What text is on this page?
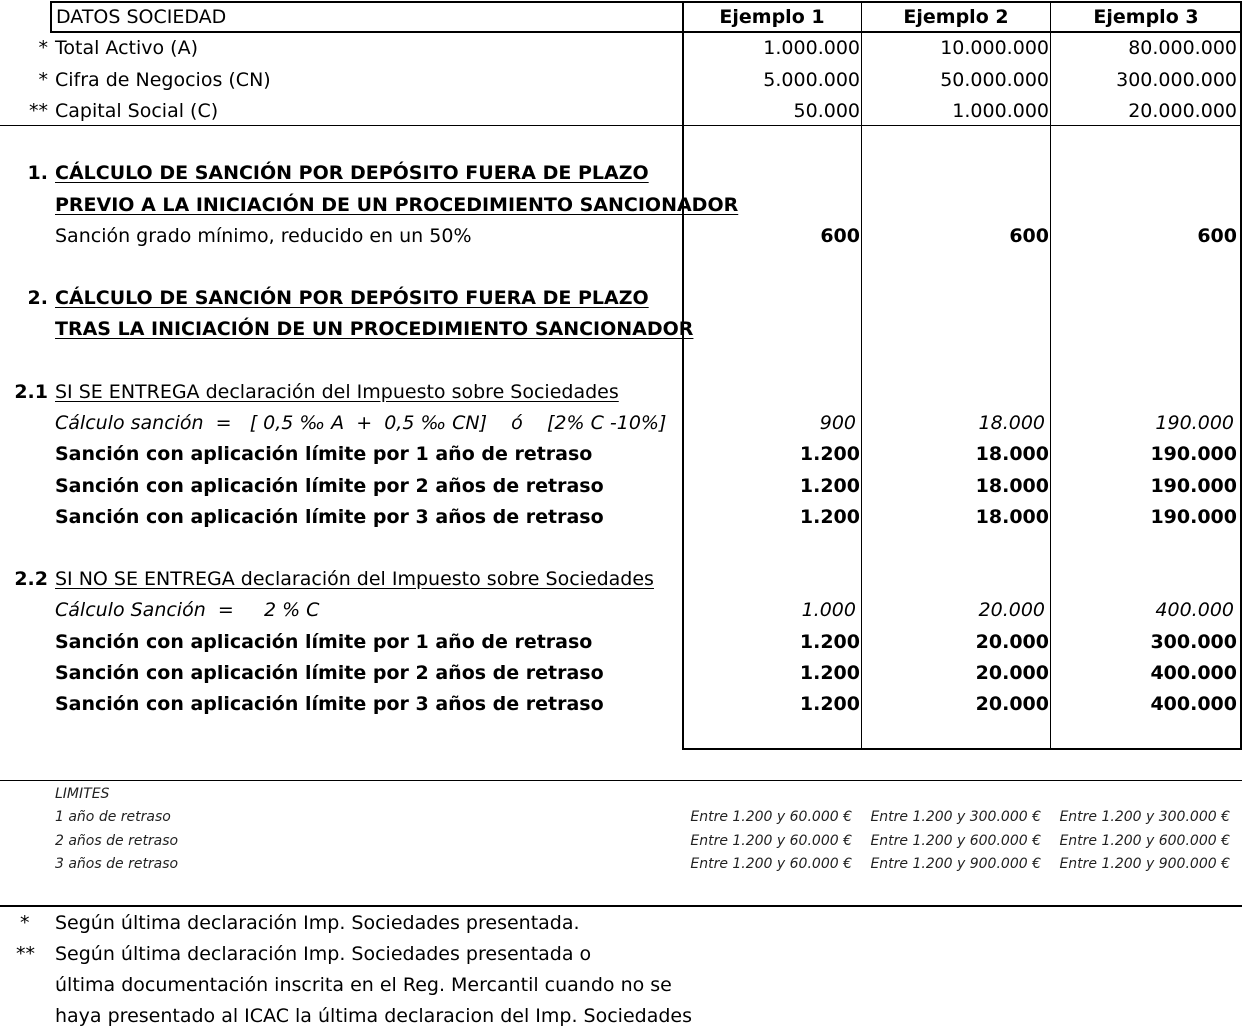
DATOS SOCIEDAD	Ejemplo 1	Ejemplo 2	Ejemplo 3
* Total Activo (A)	1.000.000	10.000.000	80.000.000
* Cifra de Negocios (CN)	5.000.000	50.000.000	300.000.000
** Capital Social (C)	50.000	1.000.000	20.000.000
1. CÁLCULO DE SANCIÓN POR DEPÓSITO FUERA DE PLAZO
PREVIO A LA INICIACIÓN DE UN PROCEDIMIENTO SANCIONADOR
Sanción grado mínimo, reducido en un 50%	600	600	600
2. CÁLCULO DE SANCIÓN POR DEPÓSITO FUERA DE PLAZO
TRAS LA INICIACIÓN DE UN PROCEDIMIENTO SANCIONADOR
2.1 SI SE ENTREGA declaración del Impuesto sobre Sociedades
Cálculo sanción  =   [ 0,5 ‰ A  +  0,5 ‰ CN]    ó    [2% C -10%]	900	18.000	190.000
Sanción con aplicación límite por 1 año de retraso	1.200	18.000	190.000
Sanción con aplicación límite por 2 años de retraso	1.200	18.000	190.000
Sanción con aplicación límite por 3 años de retraso	1.200	18.000	190.000
2.2 SI NO SE ENTREGA declaración del Impuesto sobre Sociedades
Cálculo Sanción  =     2 % C	1.000	20.000	400.000
Sanción con aplicación límite por 1 año de retraso	1.200	20.000	300.000
Sanción con aplicación límite por 2 años de retraso	1.200	20.000	400.000
Sanción con aplicación límite por 3 años de retraso	1.200	20.000	400.000
LIMITES
1 año de retraso	Entre 1.200 y 60.000 €	Entre 1.200 y 300.000 €	Entre 1.200 y 300.000 €
2 años de retraso	Entre 1.200 y 60.000 €	Entre 1.200 y 600.000 €	Entre 1.200 y 600.000 €
3 años de retraso	Entre 1.200 y 60.000 €	Entre 1.200 y 900.000 €	Entre 1.200 y 900.000 €
* Según última declaración Imp. Sociedades presentada.
** Según última declaración Imp. Sociedades presentada o
última documentación inscrita en el Reg. Mercantil cuando no se
haya presentado al ICAC la última declaracion del Imp. Sociedades
